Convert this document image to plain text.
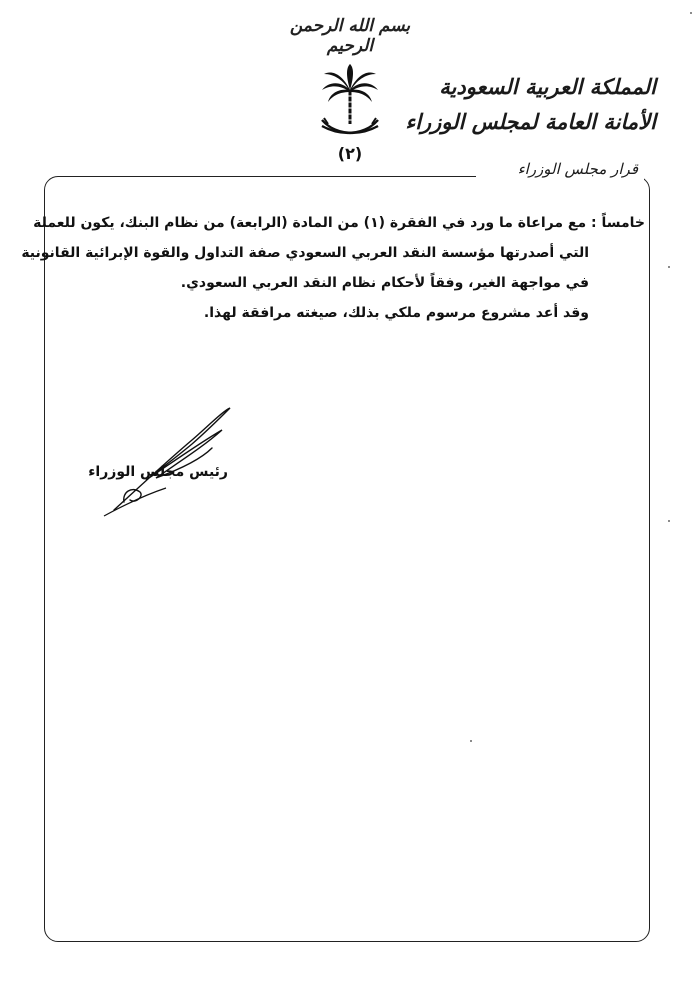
بسم الله الرحمن الرحيم
(٢)
المملكة العربية السعودية
الأمانة العامة لمجلس الوزراء
قرار مجلس الوزراء
خامساً : مع مراعاة ما ورد في الفقرة (١) من المادة (الرابعة) من نظام البنك، يكون للعملة
التي أصدرتها مؤسسة النقد العربي السعودي صفة التداول والقوة الإبرائية القانونية
في مواجهة الغير، وفقاً لأحكام نظام النقد العربي السعودي.
وقد أعد مشروع مرسوم ملكي بذلك، صيغته مرافقة لهذا.
رئيس مجلس الوزراء
